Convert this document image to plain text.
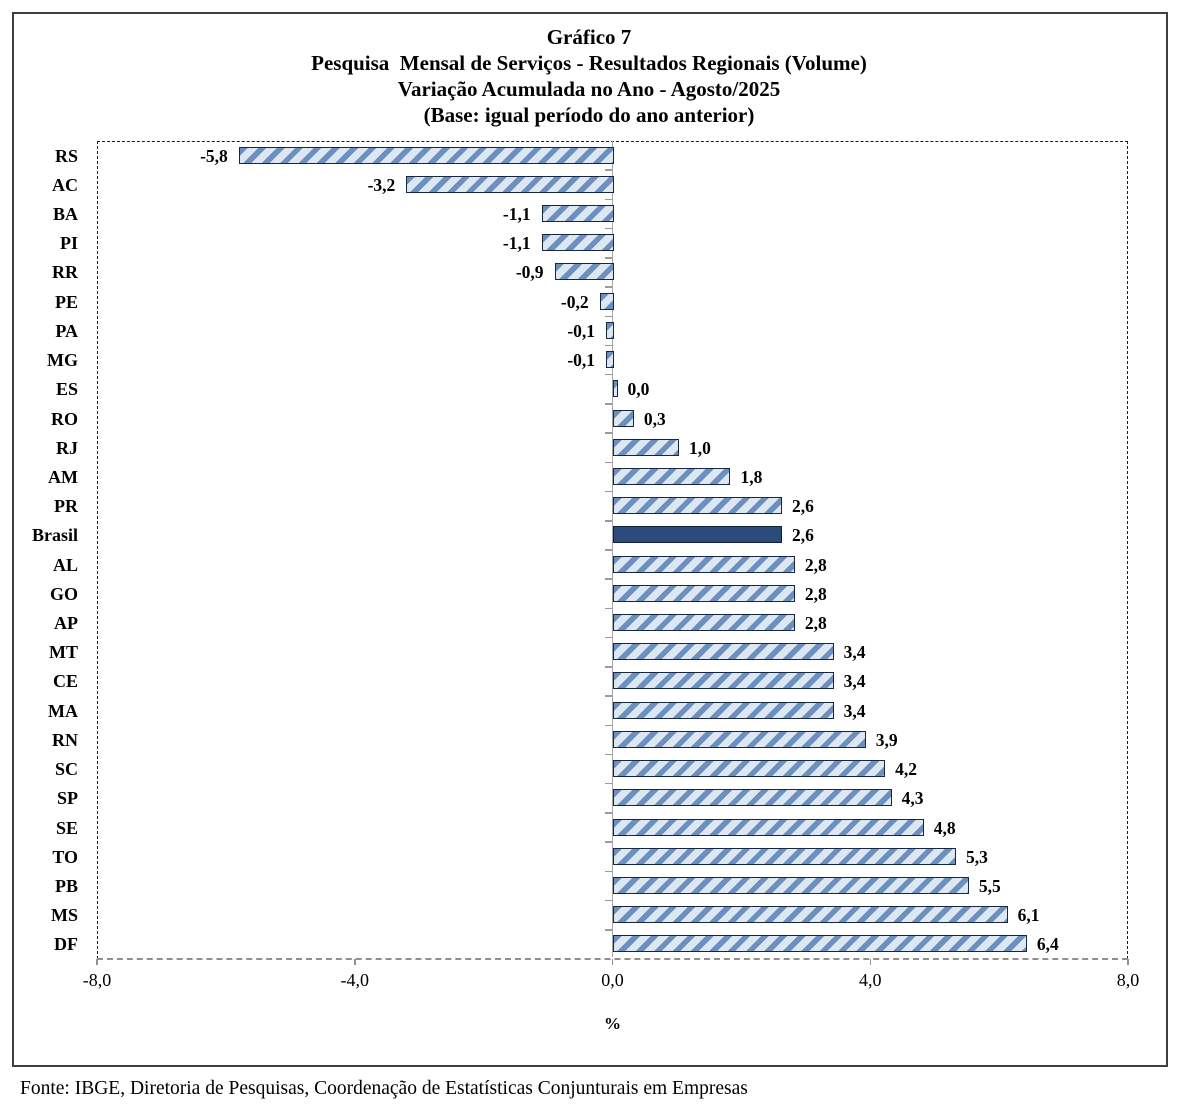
Gráfico 7
Pesquisa  Mensal de Serviços - Resultados Regionais (Volume)
Variação Acumulada no Ano - Agosto/2025
(Base: igual período do ano anterior)
-8,0	-4,0	0,0	4,0	8,0
RS	-5,8
AC	-3,2
BA	-1,1
PI	-1,1
RR	-0,9
PE	-0,2
PA	-0,1
MG	-0,1
ES	0,0
RO	0,3
RJ	1,0
AM	1,8
PR	2,6
Brasil	2,6
AL	2,8
GO	2,8
AP	2,8
MT	3,4
CE	3,4
MA	3,4
RN	3,9
SC	4,2
SP	4,3
SE	4,8
TO	5,3
PB	5,5
MS	6,1
DF	6,4
%
Fonte: IBGE, Diretoria de Pesquisas, Coordenação de Estatísticas Conjunturais em Empresas
